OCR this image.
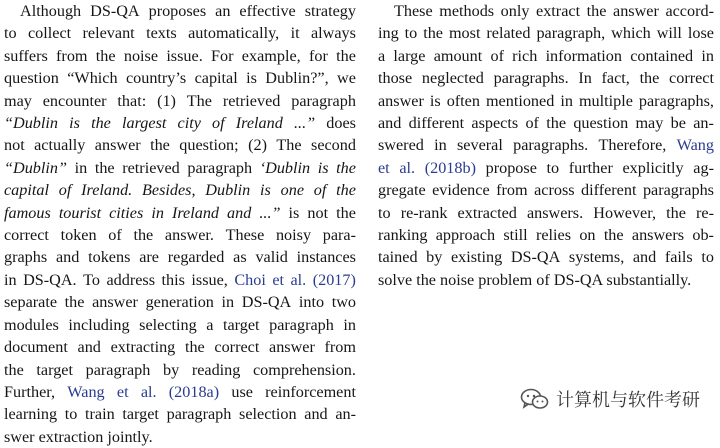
Although DS-QA proposes an effective strategy
to collect relevant texts automatically, it always
suffers from the noise issue. For example, for the
question “Which country’s capital is Dublin?”, we
may encounter that: (1) The retrieved paragraph
“Dublin is the largest city of Ireland ...” does
not actually answer the question; (2) The second
“Dublin” in the retrieved paragraph ‘Dublin is the
capital of Ireland. Besides, Dublin is one of the
famous tourist cities in Ireland and ...” is not the
correct token of the answer. These noisy para-
graphs and tokens are regarded as valid instances
in DS-QA. To address this issue, Choi et al. (2017)
separate the answer generation in DS-QA into two
modules including selecting a target paragraph in
document and extracting the correct answer from
the target paragraph by reading comprehension.
Further, Wang et al. (2018a) use reinforcement
learning to train target paragraph selection and an-
swer extraction jointly.
These methods only extract the answer accord-
ing to the most related paragraph, which will lose
a large amount of rich information contained in
those neglected paragraphs. In fact, the correct
answer is often mentioned in multiple paragraphs,
and different aspects of the question may be an-
swered in several paragraphs. Therefore, Wang
et al. (2018b) propose to further explicitly ag-
gregate evidence from across different paragraphs
to re-rank extracted answers. However, the re-
ranking approach still relies on the answers ob-
tained by existing DS-QA systems, and fails to
solve the noise problem of DS-QA substantially.
计算机与软件考研
